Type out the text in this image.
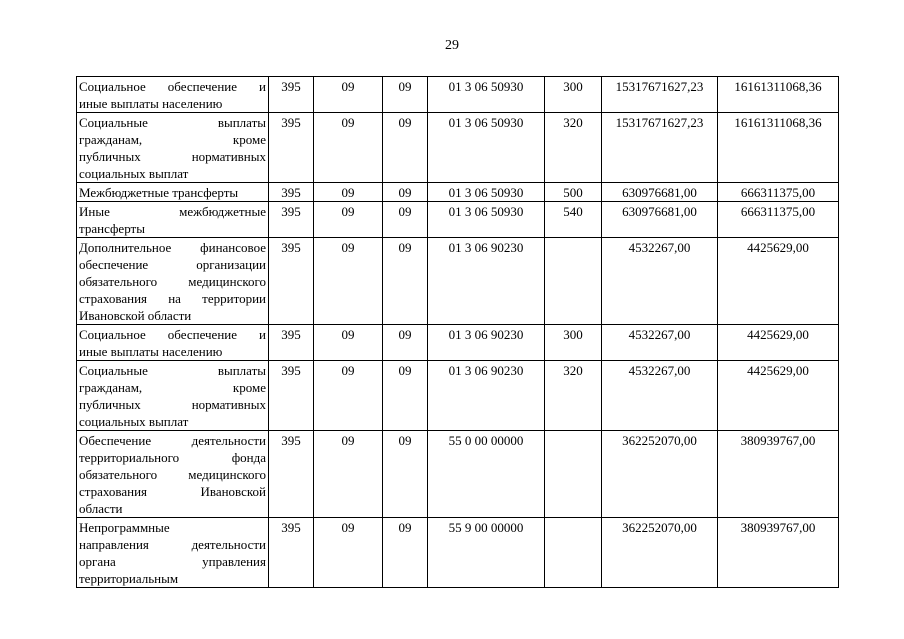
29
Социальное обеспечение и
иные выплаты населению	395	09	09	01 3 06 50930	300	15317671627,23	16161311068,36

Социальные выплаты
гражданам, кроме
публичных нормативных
социальных выплат	395	09	09	01 3 06 50930	320	15317671627,23	16161311068,36

Межбюджетные трансферты	395	09	09	01 3 06 50930	500	630976681,00	666311375,00

Иные межбюджетные
трансферты	395	09	09	01 3 06 50930	540	630976681,00	666311375,00

Дополнительное финансовое
обеспечение организации
обязательного медицинского
страхования на территории
Ивановской области	395	09	09	01 3 06 90230		4532267,00	4425629,00

Социальное обеспечение и
иные выплаты населению	395	09	09	01 3 06 90230	300	4532267,00	4425629,00

Социальные выплаты
гражданам, кроме
публичных нормативных
социальных выплат	395	09	09	01 3 06 90230	320	4532267,00	4425629,00

Обеспечение деятельности
территориального фонда
обязательного медицинского
страхования Ивановской
области	395	09	09	55 0 00 00000		362252070,00	380939767,00

Непрограммные
направления деятельности
органа управления
территориальным	395	09	09	55 9 00 00000		362252070,00	380939767,00
